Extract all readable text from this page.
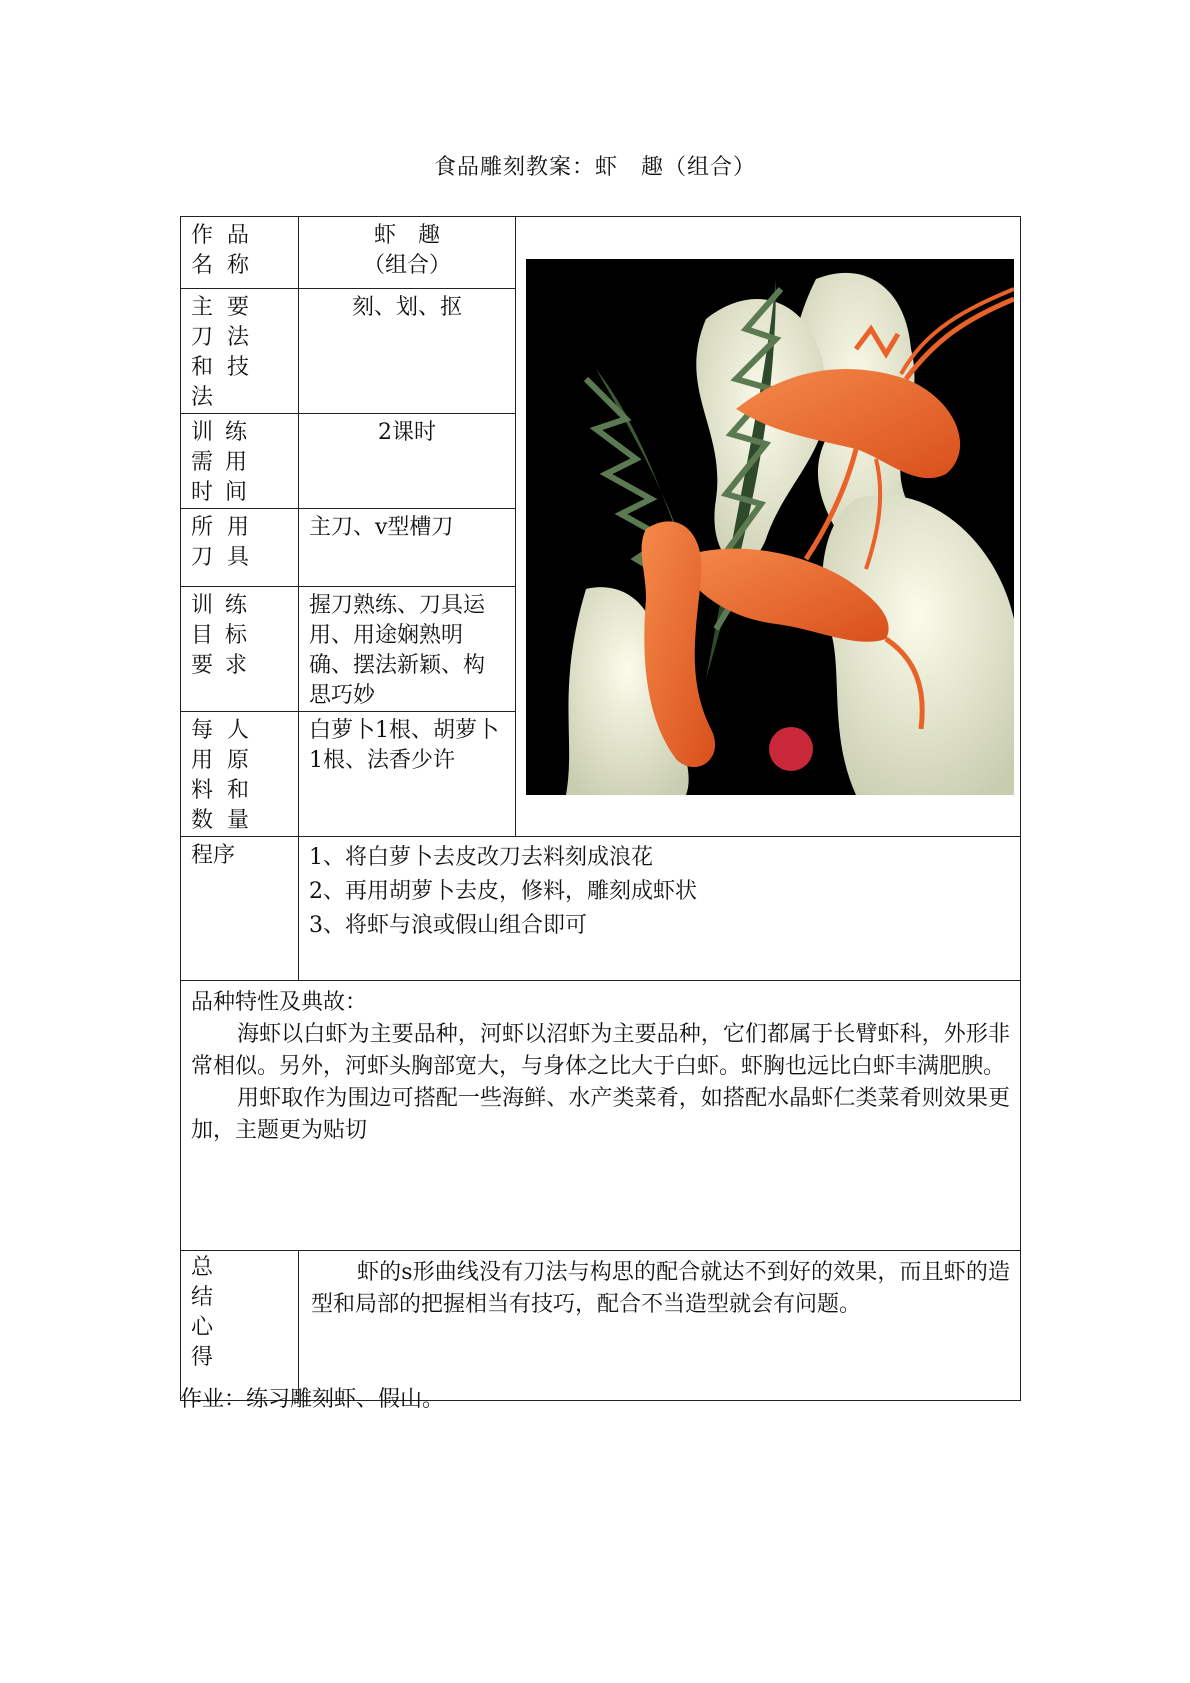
食品雕刻教案：虾　趣（组合）
作品名称	虾　趣
（组合）

主要刀法和技法	刻、划、抠	

训练需用时间	2课时	

所用刀具	主刀、v型槽刀	

训练目标要求	握刀熟练、刀具运用、用途娴熟明确、摆法新颖、构思巧妙	

每人用原料和数量	白萝卜1根、胡萝卜1根、法香少许	
程序	1、将白萝卜去皮改刀去料刻成浪花
2、再用胡萝卜去皮，修料，雕刻成虾状
3、将虾与浪或假山组合即可	

品种特性及典故：

海虾以白虾为主要品种，河虾以沼虾为主要品种，它们都属于长臂虾科，外形非常相似。另外，河虾头胸部宽大，与身体之比大于白虾。虾胸也远比白虾丰满肥腴。

用虾取作为围边可搭配一些海鲜、水产类菜肴，如搭配水晶虾仁类菜肴则效果更加，主题更为贴切		

总
结
心
得	虾的s形曲线没有刀法与构思的配合就达不到好的效果，而且虾的造型和局部的把握相当有技巧，配合不当造型就会有问题。	

作业：练习雕刻虾、假山。
